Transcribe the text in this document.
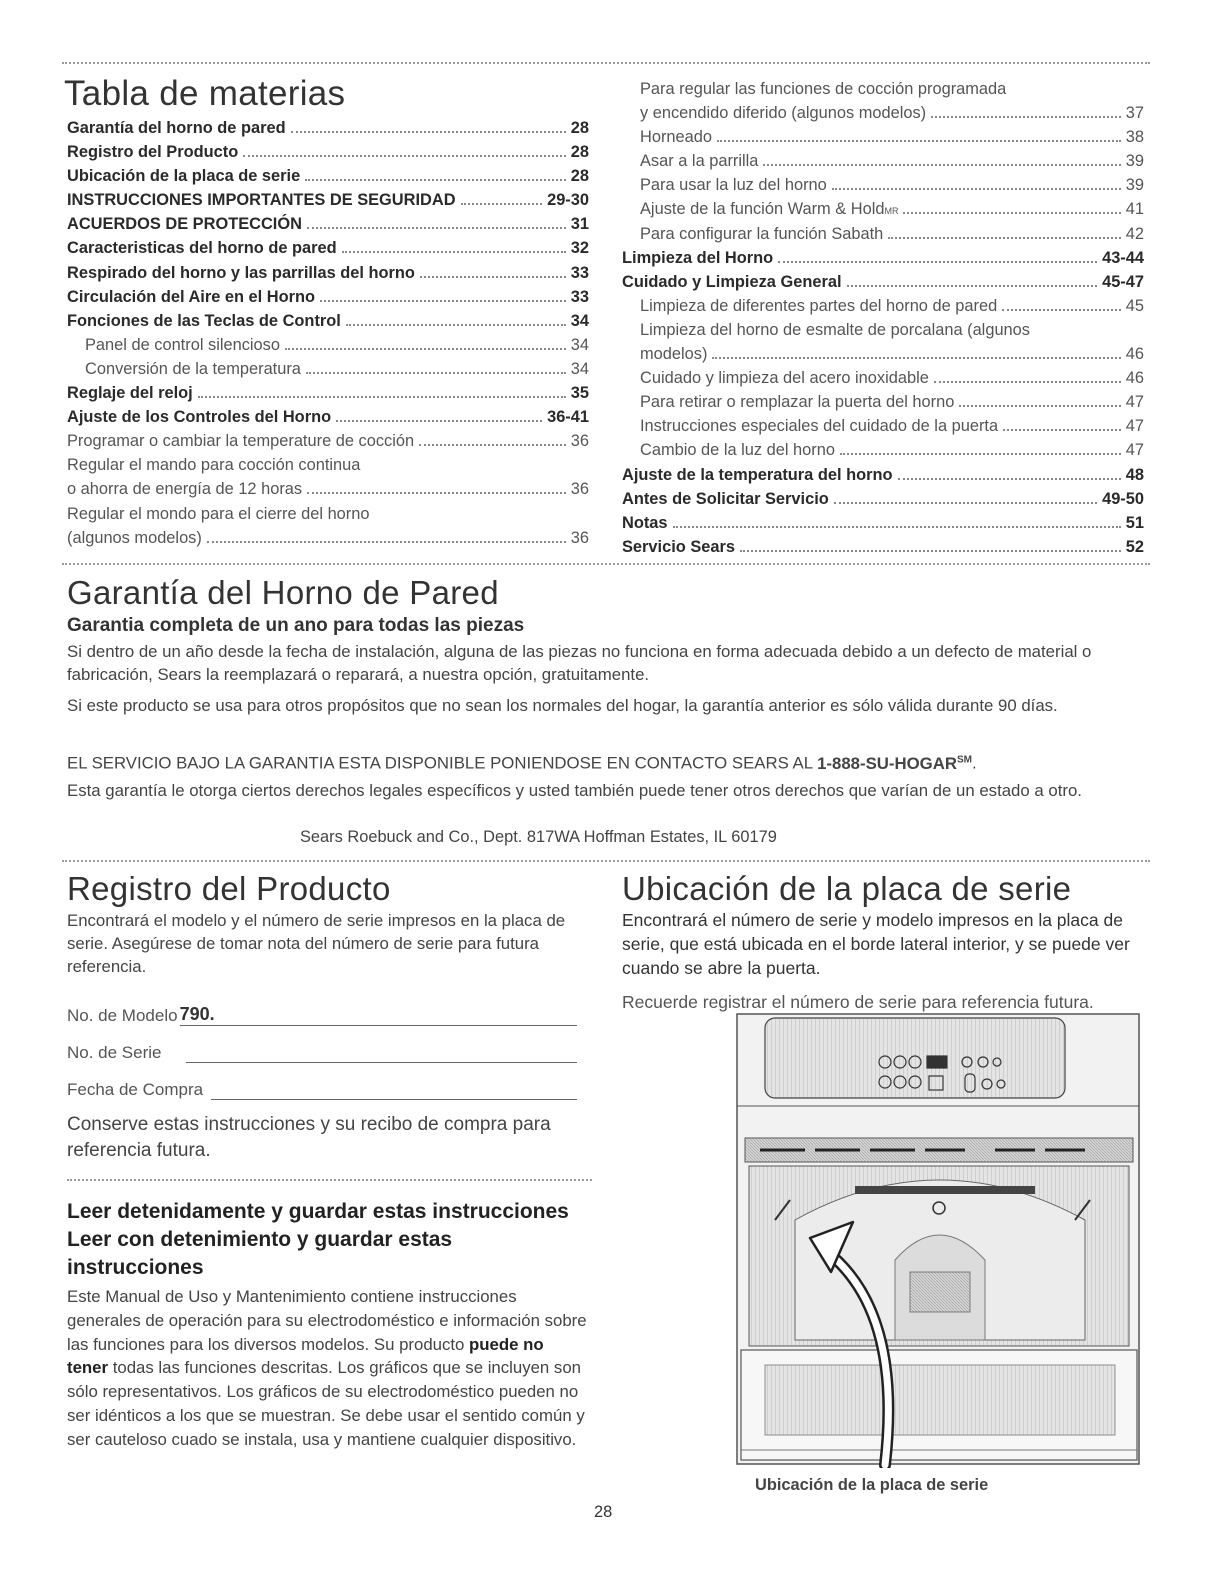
Tabla de materias
Garantía del horno de pared	28
Registro del Producto	28
Ubicación de la placa de serie	28
INSTRUCCIONES IMPORTANTES DE SEGURIDAD	29-30
ACUERDOS DE PROTECCIÓN	31
Caracteristicas del horno de pared	32
Respirado del horno y las parrillas del horno	33
Circulación del Aire en el Horno	33
Fonciones de las Teclas de Control	34
Panel de control silencioso	34
Conversión de la temperatura	34
Reglaje del reloj	35
Ajuste de los Controles del Horno	36-41
Programar o cambiar la temperature de cocción	36
Regular el mando para cocción continua
o ahorra de energía de 12 horas	36
Regular el mondo para el cierre del horno
(algunos modelos)	36
Para regular las funciones de cocción programada
y encendido diferido (algunos modelos)	37
Horneado	38
Asar a la parrilla	39
Para usar la luz del horno	39
Ajuste de la función Warm & Hold MR	41
Para configurar la función Sabath	42
Limpieza del Horno	43-44
Cuidado y Limpieza General	45-47
Limpieza de diferentes partes del horno de pared	45
Limpieza del horno de esmalte de porcalana (algunos
modelos)	46
Cuidado y limpieza del acero inoxidable	46
Para retirar o remplazar la puerta del horno	47
Instrucciones especiales del cuidado de la puerta	47
Cambio de la luz del horno	47
Ajuste de la temperatura del horno	48
Antes de Solicitar Servicio	49-50
Notas	51
Servicio Sears	52
Garantía del Horno de Pared
Garantia completa de un ano para todas las piezas

Si dentro de un año desde la fecha de instalación, alguna de las piezas no funciona en forma adecuada debido a un defecto de material o fabricación, Sears la reemplazará o reparará, a nuestra opción, gratuitamente.

Si este producto se usa para otros propósitos que no sean los normales del hogar, la garantía anterior es sólo válida durante 90 días.

EL SERVICIO BAJO LA GARANTIA ESTA DISPONIBLE PONIENDOSE EN CONTACTO SEARS AL 1-888-SU-HOGAR℠.

Esta garantía le otorga ciertos derechos legales específicos y usted también puede tener otros derechos que varían de un estado a otro.

Sears Roebuck and Co., Dept. 817WA Hoffman Estates, IL 60179

Registro del Producto

Encontrará el modelo y el número de serie impresos en la placa de serie. Asegúrese de tomar nota del número de serie para futura referencia.

No. de Modelo 790.
No. de Serie
Fecha de Compra

Conserve estas instrucciones y su recibo de compra para referencia futura.

Leer detenidamente y guardar estas instrucciones Leer con detenimiento y guardar estas instrucciones

Este Manual de Uso y Mantenimiento contiene instrucciones generales de operación para su electrodoméstico e información sobre las funciones para los diversos modelos. Su producto puede no tener todas las funciones descritas. Los gráficos que se incluyen son sólo representativos. Los gráficos de su electrodoméstico pueden no ser idénticos a los que se muestran. Se debe usar el sentido común y ser cauteloso cuado se instala, usa y mantiene cualquier dispositivo.

Ubicación de la placa de serie

Encontrará el número de serie y modelo impresos en la placa de serie, que está ubicada en el borde lateral interior, y se puede ver cuando se abre la puerta.

Recuerde registrar el número de serie para referencia futura.

Ubicación de la placa de serie

28
